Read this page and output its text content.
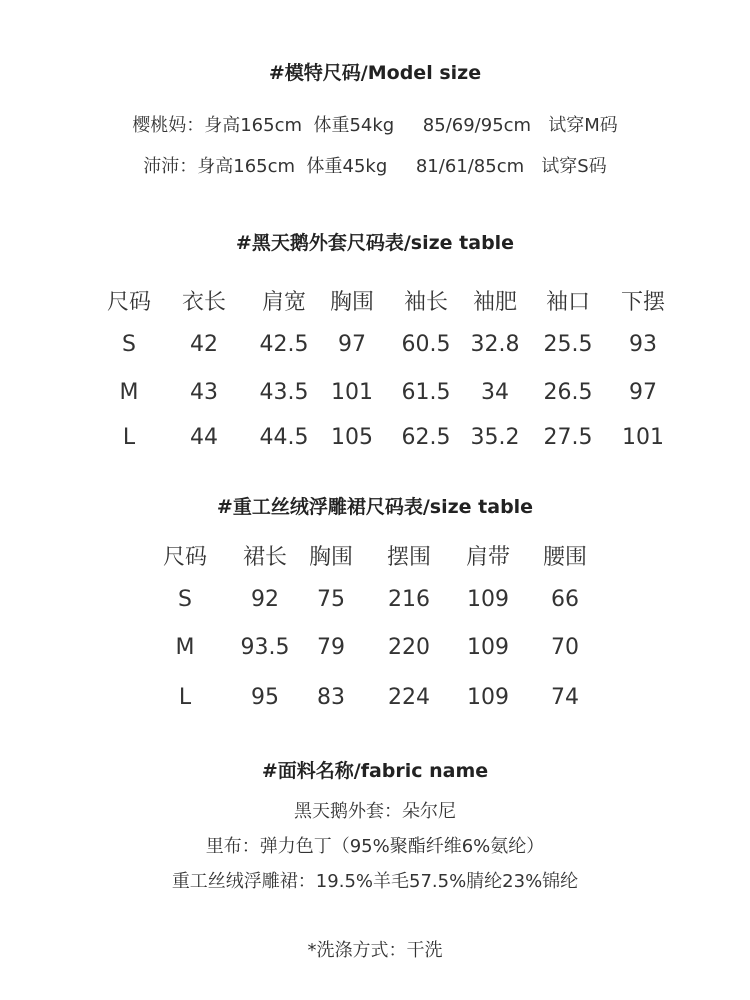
#模特尺码/Model size
樱桃妈：身高165cm  体重54kg     85/69/95cm   试穿M码
沛沛：身高165cm  体重45kg     81/61/85cm   试穿S码
#黑天鹅外套尺码表/size table
尺码 衣长 肩宽 胸围 袖长 袖肥 袖口 下摆
S 42 42.5 97 60.5 32.8 25.5 93
M 43 43.5 101 61.5 34 26.5 97
L 44 44.5 105 62.5 35.2 27.5 101
#重工丝绒浮雕裙尺码表/size table
尺码 裙长 胸围 摆围 肩带 腰围
S	92 75 216 109 66
M 93.5 79 220 109 70
L	95 83 224 109 74
#面料名称/fabric name
黑天鹅外套：朵尔尼
里布：弹力色丁（95%聚酯纤维6%氨纶）
重工丝绒浮雕裙：19.5%羊毛57.5%腈纶23%锦纶
*洗涤方式：干洗
